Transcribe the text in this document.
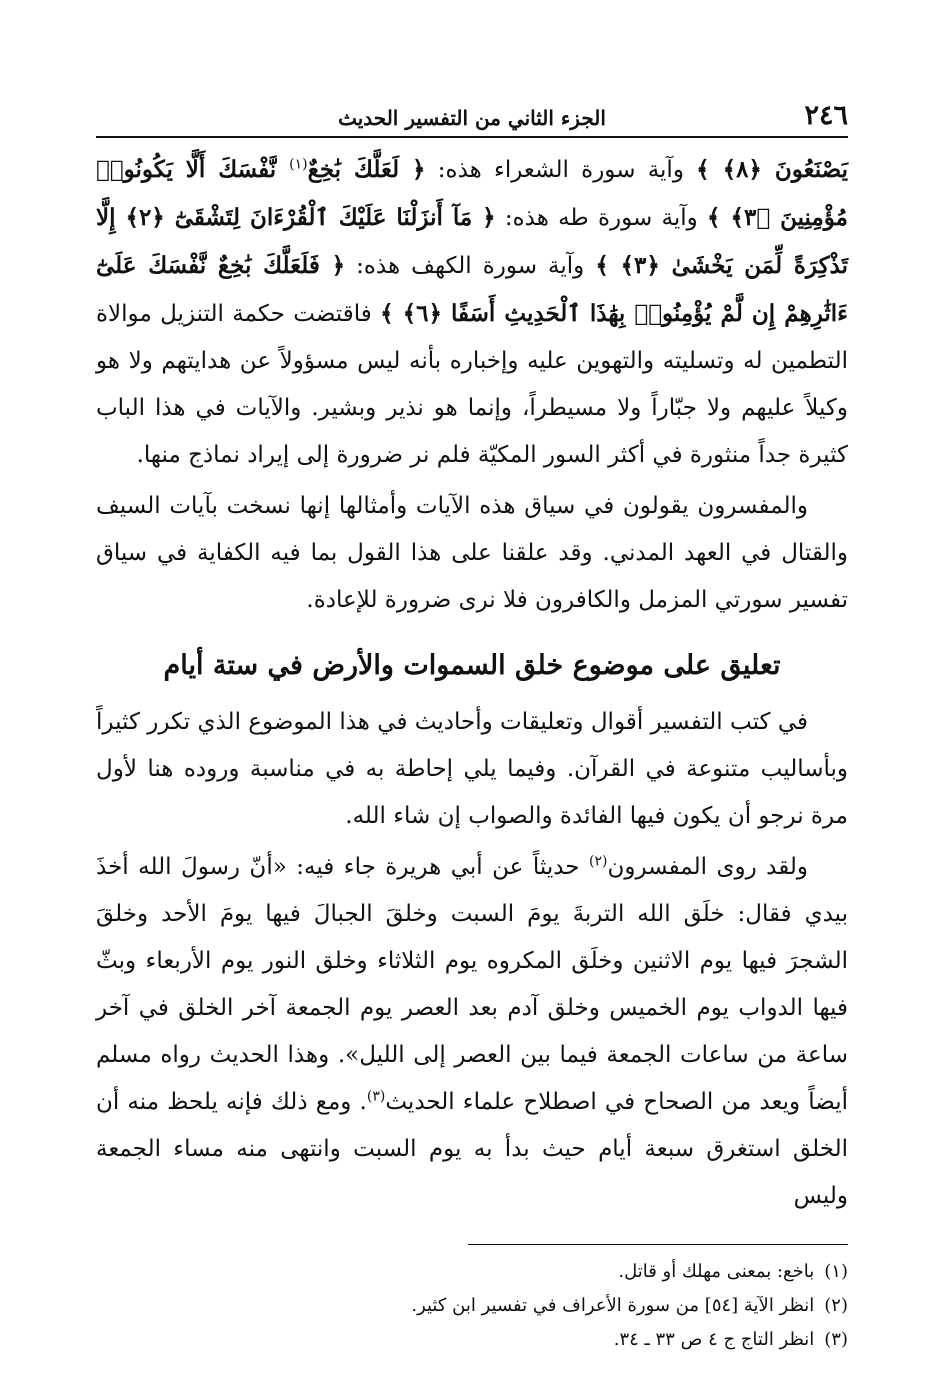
٢٤٦
الجزء الثاني من التفسير الحديث

يَصْنَعُونَ ﴿٨﴾ ﴾ وآية سورة الشعراء هذه: ﴿ لَعَلَّكَ بَٰخِعٌ$^{(١)}$ نَّفْسَكَ أَلَّا يَكُونُوا۟ مُؤْمِنِينَ ﴿٣﴾ ﴾ وآية سورة طه هذه: ﴿ مَآ أَنزَلْنَا عَلَيْكَ ٱلْقُرْءَانَ لِتَشْقَىٰٓ ﴿٢﴾ إِلَّا تَذْكِرَةً لِّمَن يَخْشَىٰ ﴿٣﴾ ﴾ وآية سورة الكهف هذه: ﴿ فَلَعَلَّكَ بَٰخِعٌ نَّفْسَكَ عَلَىٰٓ ءَاثَٰرِهِمْ إِن لَّمْ يُؤْمِنُوا۟ بِهَٰذَا ٱلْحَدِيثِ أَسَفًا ﴿٦﴾ ﴾ فاقتضت حكمة التنزيل موالاة التطمين له وتسليته والتهوين عليه وإخباره بأنه ليس مسؤولاً عن هدايتهم ولا هو وكيلاً عليهم ولا جبّاراً ولا مسيطراً، وإنما هو نذير وبشير. والآيات في هذا الباب كثيرة جداً منثورة في أكثر السور المكيّة فلم نر ضرورة إلى إيراد نماذج منها.

والمفسرون يقولون في سياق هذه الآيات وأمثالها إنها نسخت بآيات السيف والقتال في العهد المدني. وقد علقنا على هذا القول بما فيه الكفاية في سياق تفسير سورتي المزمل والكافرون فلا نرى ضرورة للإعادة.

تعليق على موضوع خلق السموات والأرض في ستة أيام

في كتب التفسير أقوال وتعليقات وأحاديث في هذا الموضوع الذي تكرر كثيراً وبأساليب متنوعة في القرآن. وفيما يلي إحاطة به في مناسبة وروده هنا لأول مرة نرجو أن يكون فيها الفائدة والصواب إن شاء الله.

ولقد روى المفسرون$^{(٢)}$ حديثاً عن أبي هريرة جاء فيه: «أنّ رسولَ الله أخذَ بيدي فقال: خلَق الله التربةَ يومَ السبت وخلقَ الجبالَ فيها يومَ الأحد وخلقَ الشجرَ فيها يوم الاثنين وخلَق المكروه يوم الثلاثاء وخلق النور يوم الأربعاء وبثّ فيها الدواب يوم الخميس وخلق آدم بعد العصر يوم الجمعة آخر الخلق في آخر ساعة من ساعات الجمعة فيما بين العصر إلى الليل». وهذا الحديث رواه مسلم أيضاً ويعد من الصحاح في اصطلاح علماء الحديث$^{(٣)}$. ومع ذلك فإنه يلحظ منه أن الخلق استغرق سبعة أيام حيث بدأ به يوم السبت وانتهى منه مساء الجمعة وليس

(١)باخع: بمعنى مهلك أو قاتل.

(٢)انظر الآية [٥٤] من سورة الأعراف في تفسير ابن كثير.

(٣)انظر التاج ج ٤ ص ٣٣ ـ ٣٤.
